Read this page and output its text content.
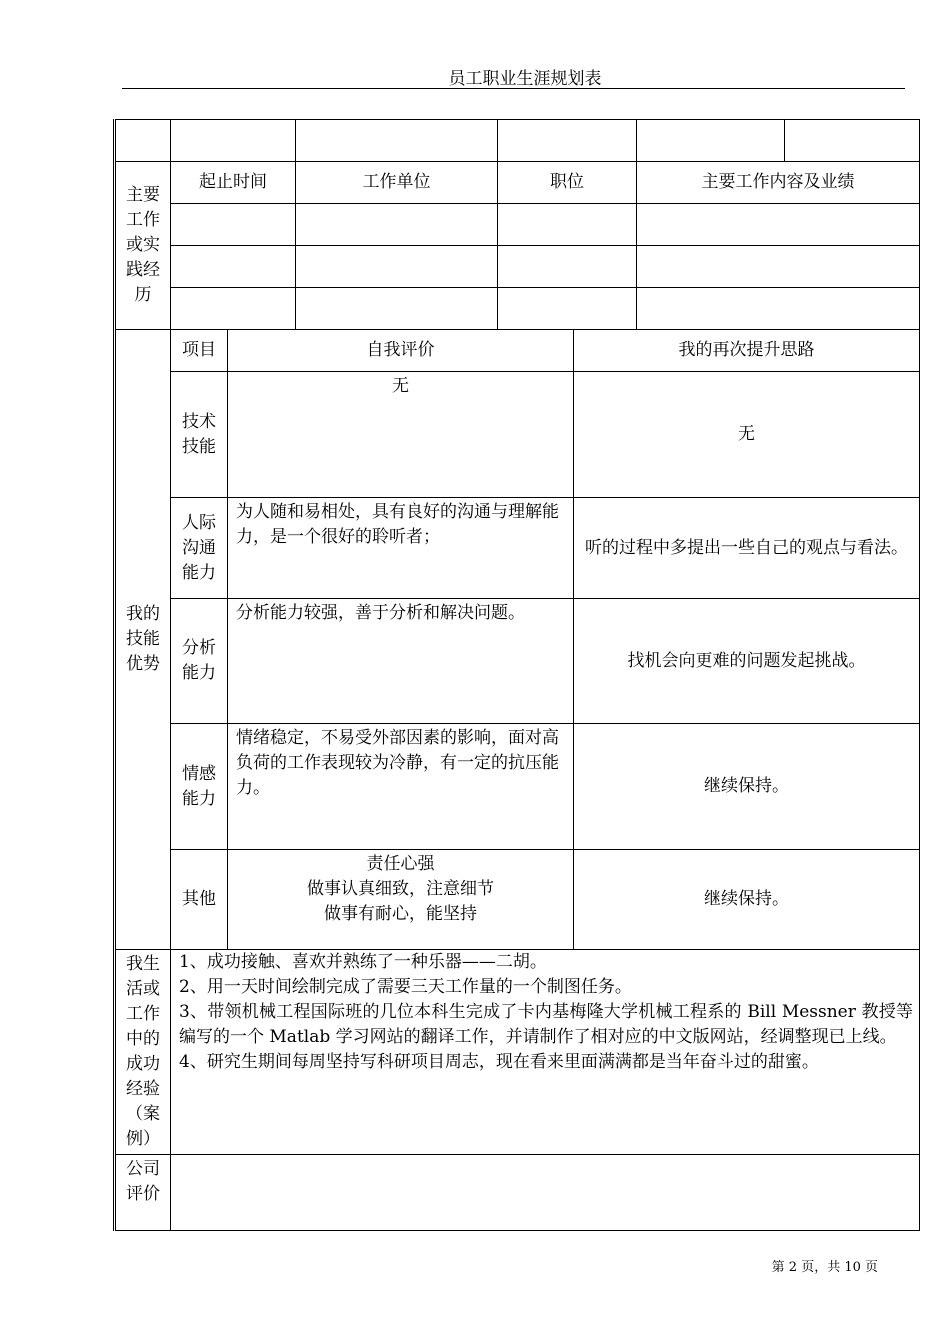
员工职业生涯规划表

主要工作或实践经历	起止时间	工作单位	职位	主要工作内容及业绩	

我的技能优势	项目	自我评价	我的再次提升思路
	技术技能	无	无
	人际沟通能力	为人随和易相处，具有良好的沟通与理解能力，是一个很好的聆听者；	听的过程中多提出一些自己的观点与看法。
	分析能力	分析能力较强，善于分析和解决问题。	找机会向更难的问题发起挑战。
	情感能力	情绪稳定，不易受外部因素的影响，面对高负荷的工作表现较为冷静，有一定的抗压能力。	继续保持。
	其他	责任心强
做事认真细致，注意细节
做事有耐心，能坚持	继续保持。
我生活或工作中的成功经验（案例）	1、成功接触、喜欢并熟练了一种乐器——二胡。
2、用一天时间绘制完成了需要三天工作量的一个制图任务。
3、带领机械工程国际班的几位本科生完成了卡内基梅隆大学机械工程系的 Bill Messner 教授等编写的一个 Matlab 学习网站的翻译工作，并请制作了相对应的中文版网站，经调整现已上线。
4、研究生期间每周坚持写科研项目周志，现在看来里面满满都是当年奋斗过的甜蜜。

公司评价	
第 2 页，共 10 页
